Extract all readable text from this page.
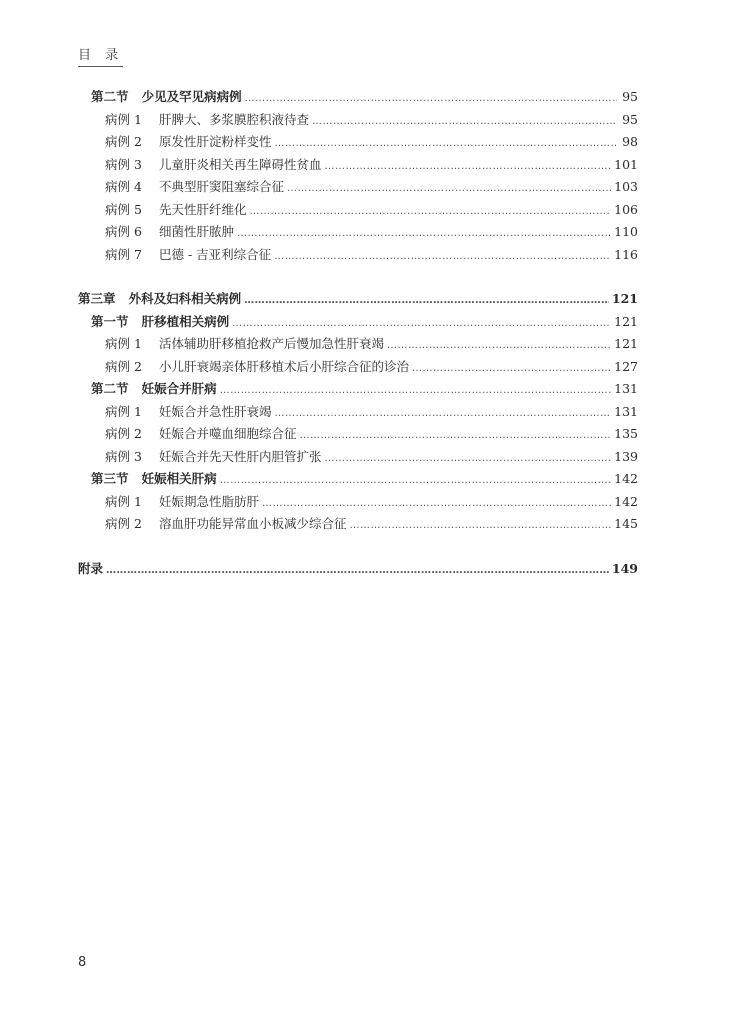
目 录
第二节 少见及罕见病病例 …………………………………………………………………………………………………………………………………………………………………………	95
病例 1 肝脾大、多浆膜腔积液待查 …………………………………………………………………………………………………………………………………………………………………………	95
病例 2 原发性肝淀粉样变性 …………………………………………………………………………………………………………………………………………………………………………	98
病例 3 儿童肝炎相关再生障碍性贫血 …………………………………………………………………………………………………………………………………………………………………………	101
病例 4 不典型肝窦阻塞综合征 …………………………………………………………………………………………………………………………………………………………………………	103
病例 5 先天性肝纤维化 …………………………………………………………………………………………………………………………………………………………………………	106
病例 6 细菌性肝脓肿 …………………………………………………………………………………………………………………………………………………………………………	110
病例 7 巴德 - 吉亚利综合征 …………………………………………………………………………………………………………………………………………………………………………	116
第三章 外科及妇科相关病例 …………………………………………………………………………………………………………………………………………………………………………	121
第一节 肝移植相关病例 …………………………………………………………………………………………………………………………………………………………………………	121
病例 1 活体辅助肝移植抢救产后慢加急性肝衰竭 …………………………………………………………………………………………………………………………………………………………………………	121
病例 2 小儿肝衰竭亲体肝移植术后小肝综合征的诊治 …………………………………………………………………………………………………………………………………………………………………………	127
第二节 妊娠合并肝病 …………………………………………………………………………………………………………………………………………………………………………	131
病例 1 妊娠合并急性肝衰竭 …………………………………………………………………………………………………………………………………………………………………………	131
病例 2 妊娠合并噬血细胞综合征 …………………………………………………………………………………………………………………………………………………………………………	135
病例 3 妊娠合并先天性肝内胆管扩张 …………………………………………………………………………………………………………………………………………………………………………	139
第三节 妊娠相关肝病 …………………………………………………………………………………………………………………………………………………………………………	142
病例 1 妊娠期急性脂肪肝 …………………………………………………………………………………………………………………………………………………………………………	142
病例 2 溶血肝功能异常血小板减少综合征 …………………………………………………………………………………………………………………………………………………………………………	145
附录 …………………………………………………………………………………………………………………………………………………………………………	149
8
